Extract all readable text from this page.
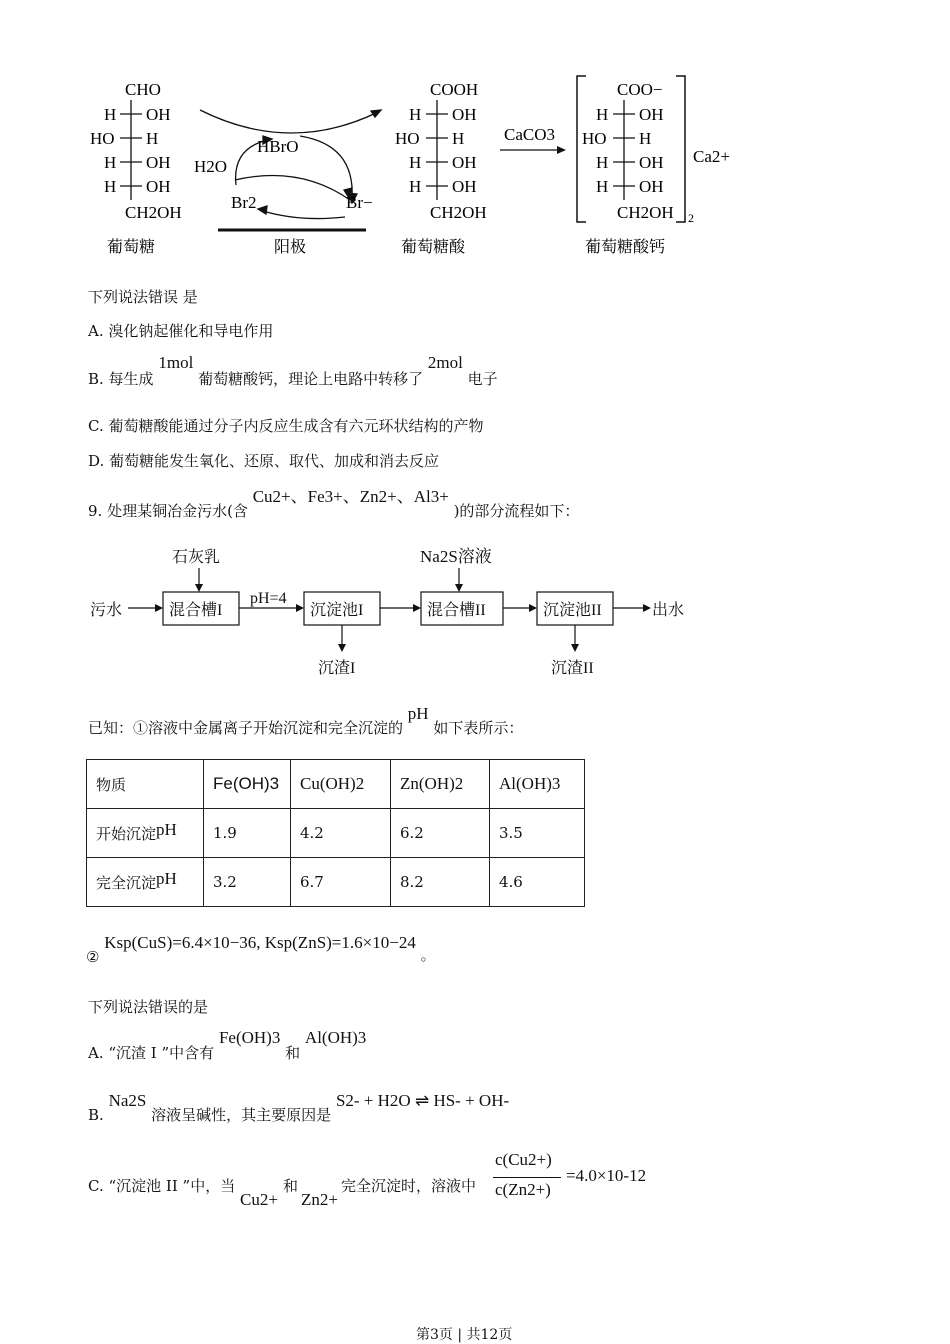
CHO
H OH
HO H
H OH
H OH
CH2OH
葡萄糖
HBrO
H2O
Br2	Br−
阳极
COOH
H OH
HO H
H OH
H OH
CH2OH
葡萄糖酸
CaCO3
COO−
H OH
HO H
H OH
H OH
CH2OH 2
Ca2+
葡萄糖酸钙
下列说法错误 是
A. 溴化钠起催化和导电作用
B. 每生成 1mol 葡萄糖酸钙，理论上电路中转移了 2mol 电子
C. 葡萄糖酸能通过分子内反应生成含有六元环状结构的产物
D. 葡萄糖能发生氧化、还原、取代、加成和消去反应
9. 处理某铜冶金污水(含 Cu2+、Fe3+、Zn2+、Al3+ )的部分流程如下：
石灰乳	Na2S溶液
污水
pH=4
出水
沉渣I	沉渣II
混合槽I	沉淀池I	混合槽II	沉淀池II
已知：①溶液中金属离子开始沉淀和完全沉淀的 pH 如下表所示：
物质	Fe(OH)3	Cu(OH)2	Zn(OH)2	Al(OH)3
开始沉淀pH	1.9	4.2	6.2	3.5
完全沉淀pH	3.2	6.7	8.2	4.6
② Ksp(CuS)=6.4×10−36, Ksp(ZnS)=1.6×10−24 。
下列说法错误的是
A. “沉渣 I ”中含有 Fe(OH)3 和 Al(OH)3
B. Na2S 溶液呈碱性，其主要原因是 S2- + H2O ⇌ HS- + OH-
C. “沉淀池 II ”中，当
Cu2+
和
Zn2+
完全沉淀时，溶液中
c(Cu2+)
c(Zn2+)
=4.0×10-12
第3页 | 共12页
